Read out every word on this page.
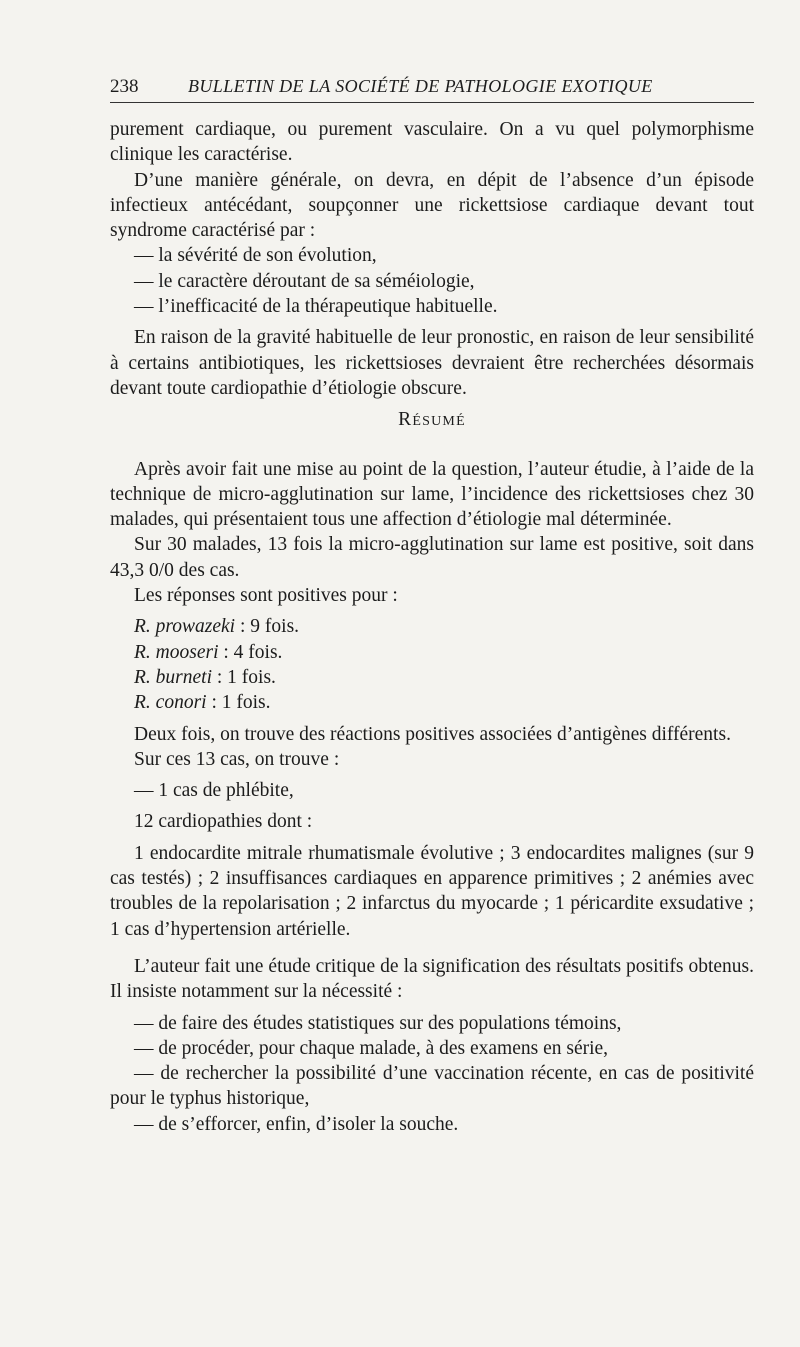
238	BULLETIN DE LA SOCIÉTÉ DE PATHOLOGIE EXOTIQUE

purement cardiaque, ou purement vasculaire. On a vu quel polymorphisme clinique les caractérise.

D’une manière générale, on devra, en dépit de l’absence d’un épisode infectieux antécédant, soupçonner une rickettsiose cardiaque devant tout syndrome caractérisé par :

— la sévérité de son évolution,

— le caractère déroutant de sa séméiologie,

— l’inefficacité de la thérapeutique habituelle.

En raison de la gravité habituelle de leur pronostic, en raison de leur sensibilité à certains antibiotiques, les rickettsioses devraient être recherchées désormais devant toute cardiopathie d’étiologie obscure.

Résumé

Après avoir fait une mise au point de la question, l’auteur étudie, à l’aide de la technique de micro-agglutination sur lame, l’incidence des rickettsioses chez 30 malades, qui présentaient tous une affection d’étiologie mal déterminée.

Sur 30 malades, 13 fois la micro-agglutination sur lame est positive, soit dans 43,3 0/0 des cas.

Les réponses sont positives pour :

R. prowazeki : 9 fois.

R. mooseri : 4 fois.

R. burneti : 1 fois.

R. conori : 1 fois.

Deux fois, on trouve des réactions positives associées d’antigènes différents.

Sur ces 13 cas, on trouve :

— 1 cas de phlébite,

12 cardiopathies dont :

1 endocardite mitrale rhumatismale évolutive ; 3 endocardites malignes (sur 9 cas testés) ; 2 insuffisances cardiaques en apparence primitives ; 2 anémies avec troubles de la repolarisation ; 2 infarctus du myocarde ; 1 péricardite exsudative ; 1 cas d’hypertension artérielle.

L’auteur fait une étude critique de la signification des résultats positifs obtenus. Il insiste notamment sur la nécessité :

— de faire des études statistiques sur des populations témoins,

— de procéder, pour chaque malade, à des examens en série,

— de rechercher la possibilité d’une vaccination récente, en cas de positivité pour le typhus historique,

— de s’efforcer, enfin, d’isoler la souche.
